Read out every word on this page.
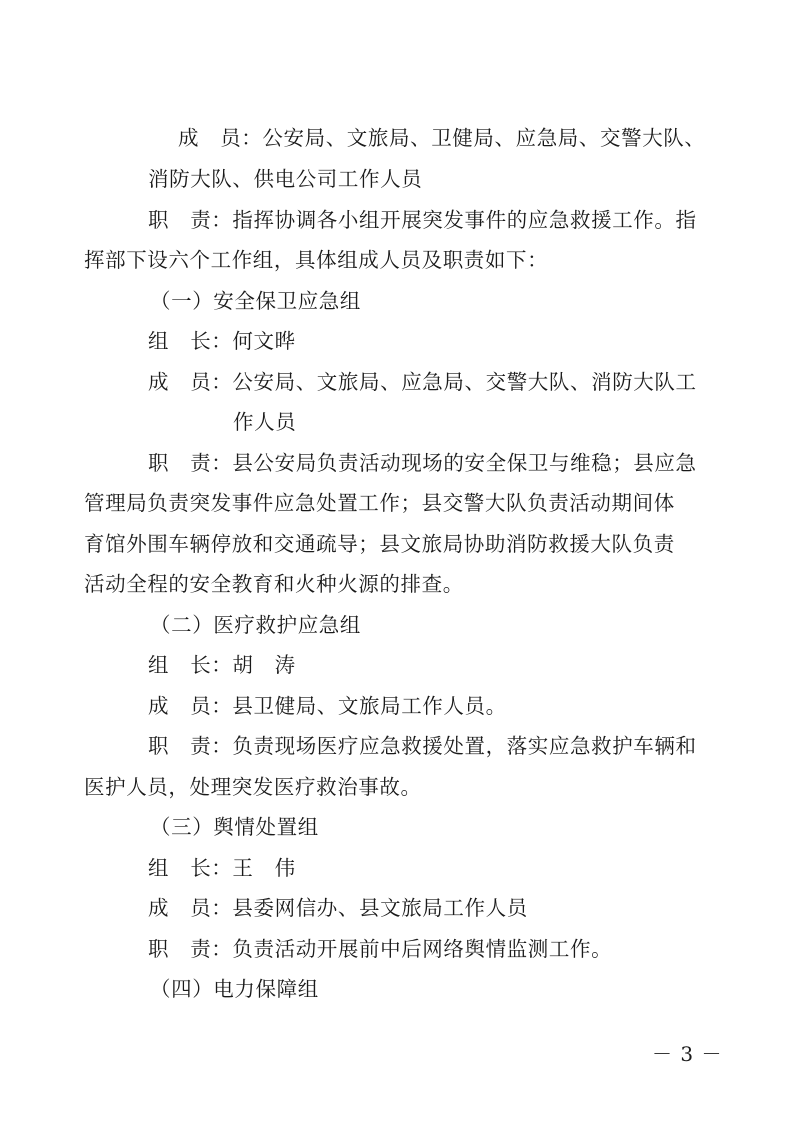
成　员：公安局、文旅局、卫健局、应急局、交警大队、
消防大队、供电公司工作人员
职　责：指挥协调各小组开展突发事件的应急救援工作。指
挥部下设六个工作组，具体组成人员及职责如下：
（一）安全保卫应急组
组　长：何文晔
成　员：公安局、文旅局、应急局、交警大队、消防大队工
作人员
职　责：县公安局负责活动现场的安全保卫与维稳；县应急
管理局负责突发事件应急处置工作；县交警大队负责活动期间体
育馆外围车辆停放和交通疏导；县文旅局协助消防救援大队负责
活动全程的安全教育和火种火源的排查。
（二）医疗救护应急组
组　长：胡　涛
成　员：县卫健局、文旅局工作人员。
职　责：负责现场医疗应急救援处置，落实应急救护车辆和
医护人员，处理突发医疗救治事故。
（三）舆情处置组
组　长：王　伟
成　员：县委网信办、县文旅局工作人员
职　责：负责活动开展前中后网络舆情监测工作。
（四）电力保障组
－ 3 －
